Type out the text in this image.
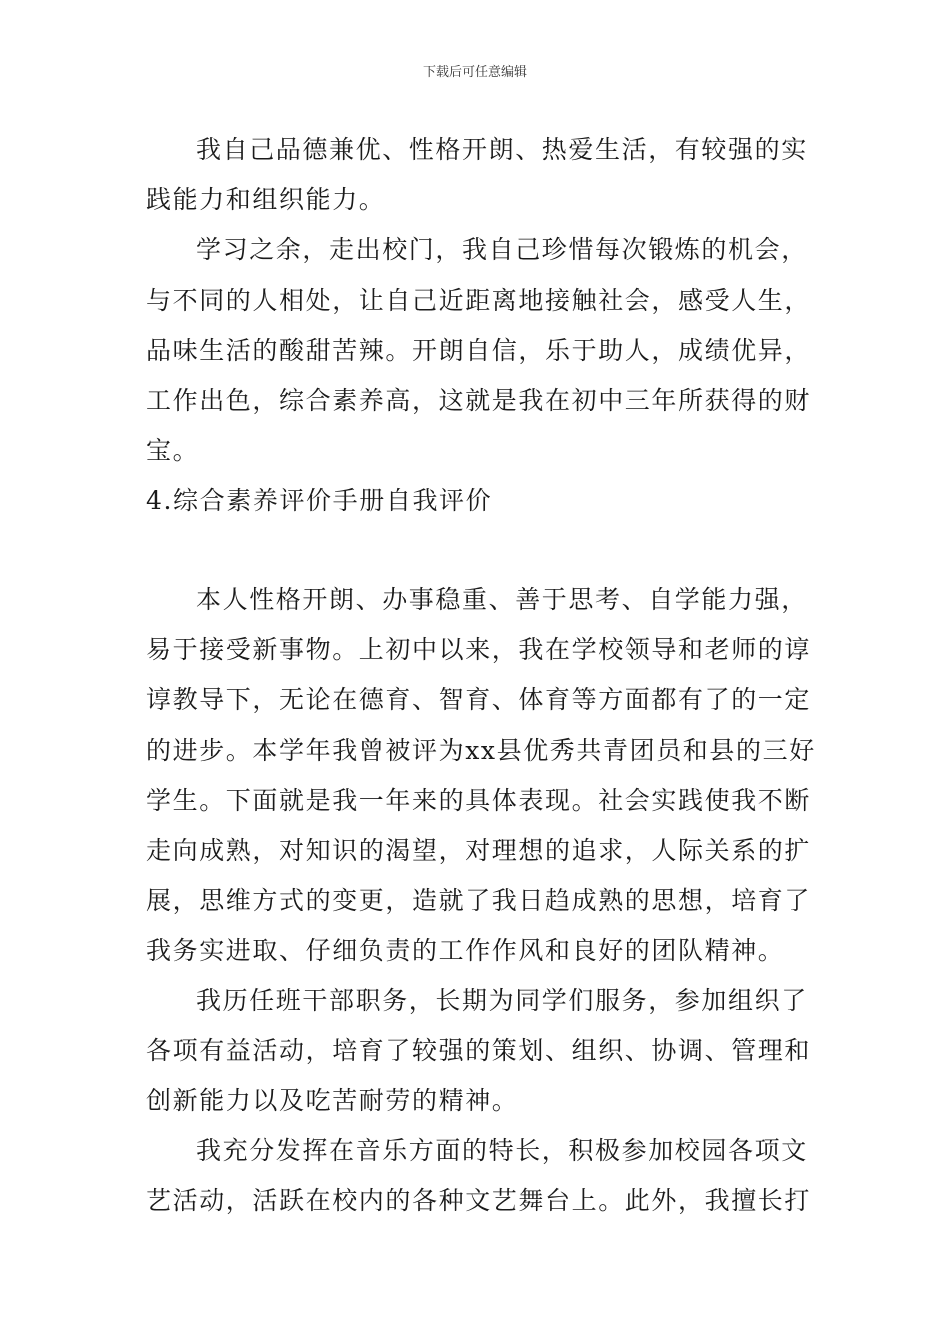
下载后可任意编辑
我自己品德兼优、性格开朗、热爱生活，有较强的实
践能力和组织能力。
学习之余，走出校门，我自己珍惜每次锻炼的机会，
与不同的人相处，让自己近距离地接触社会，感受人生，
品味生活的酸甜苦辣。开朗自信，乐于助人，成绩优异，
工作出色，综合素养高，这就是我在初中三年所获得的财
宝。
4.综合素养评价手册自我评价
本人性格开朗、办事稳重、善于思考、自学能力强，
易于接受新事物。上初中以来，我在学校领导和老师的谆
谆教导下，无论在德育、智育、体育等方面都有了的一定
的进步。本学年我曾被评为xx县优秀共青团员和县的三好
学生。下面就是我一年来的具体表现。社会实践使我不断
走向成熟，对知识的渴望，对理想的追求，人际关系的扩
展，思维方式的变更，造就了我日趋成熟的思想，培育了
我务实进取、仔细负责的工作作风和良好的团队精神。
我历任班干部职务，长期为同学们服务，参加组织了
各项有益活动，培育了较强的策划、组织、协调、管理和
创新能力以及吃苦耐劳的精神。
我充分发挥在音乐方面的特长，积极参加校园各项文
艺活动，活跃在校内的各种文艺舞台上。此外，我擅长打
